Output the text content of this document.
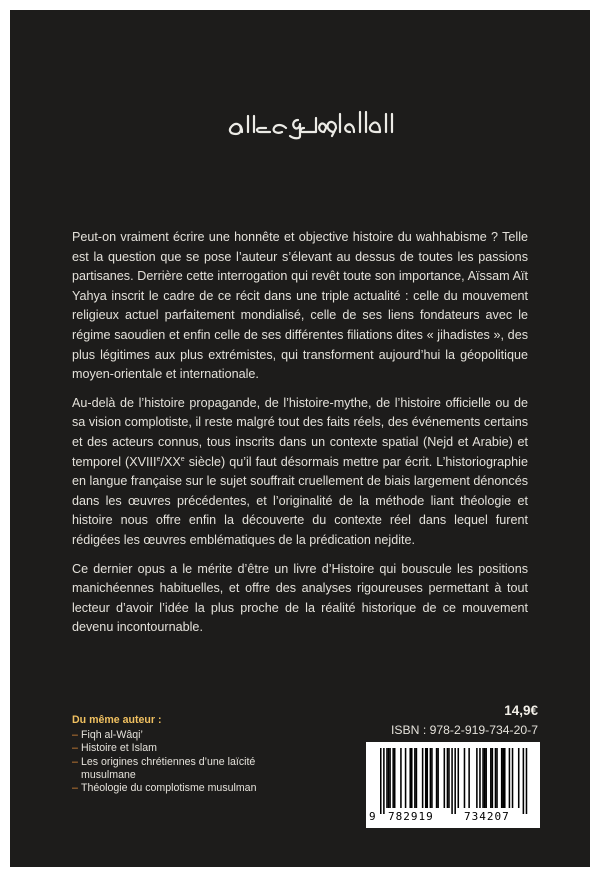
Peut-on vraiment écrire une honnête et objective histoire du wahhabisme ? Telle est la question que se pose l’auteur s’élevant au dessus de toutes les passions partisanes. Derrière cette interrogation qui revêt toute son importance, Aïssam Aït Yahya inscrit le cadre de ce récit dans une triple actualité : celle du mouvement religieux actuel parfaitement mondialisé, celle de ses liens fondateurs avec le régime saoudien et enfin celle de ses différentes filiations dites « jihadistes », des plus légitimes aux plus extrémistes, qui transforment aujourd’hui la géopolitique moyen-orientale et internationale.

Au-delà de l’histoire propagande, de l’histoire-mythe, de l’histoire officielle ou de sa vision complotiste, il reste malgré tout des faits réels, des événements certains et des acteurs connus, tous inscrits dans un contexte spatial (Nejd et Arabie) et temporel (XVIIIe/XXe siècle) qu’il faut désormais mettre par écrit. L’historiographie en langue française sur le sujet souffrait cruellement de biais largement dénoncés dans les œuvres précédentes, et l’originalité de la méthode liant théologie et histoire nous offre enfin la découverte du contexte réel dans lequel furent rédigées les œuvres emblématiques de la prédication nejdite.

Ce dernier opus a le mérite d’être un livre d’Histoire qui bouscule les positions manichéennes habituelles, et offre des analyses rigoureuses permettant à tout lecteur d’avoir l’idée la plus proche de la réalité historique de ce mouvement devenu incontournable.

Du même auteur :
– Fiqh al-Wâqi’
– Histoire et Islam
– Les origines chrétiennes d’une laïcité musulmane
– Théologie du complotisme musulman
14,9€
ISBN : 978-2-919-734-20-7
9 782919	734207
